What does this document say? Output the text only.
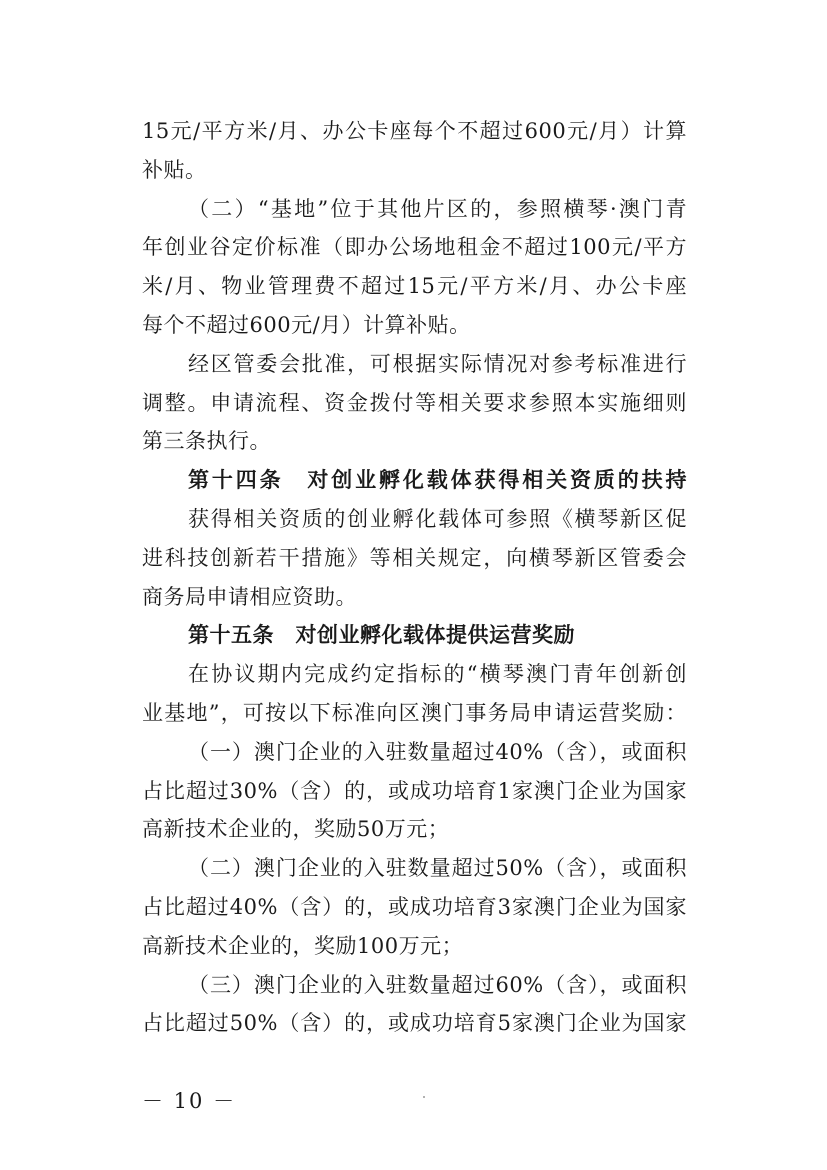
15元/平方米/月、办公卡座每个不超过600元/月）计算
补贴。
（二）“基地”位于其他片区的，参照横琴·澳门青
年创业谷定价标准（即办公场地租金不超过100元/平方
米/月、物业管理费不超过15元/平方米/月、办公卡座
每个不超过600元/月）计算补贴。
经区管委会批准，可根据实际情况对参考标准进行
调整。申请流程、资金拨付等相关要求参照本实施细则
第三条执行。
第十四条　对创业孵化载体获得相关资质的扶持
获得相关资质的创业孵化载体可参照《横琴新区促
进科技创新若干措施》等相关规定，向横琴新区管委会
商务局申请相应资助。
第十五条　对创业孵化载体提供运营奖励
在协议期内完成约定指标的“横琴澳门青年创新创
业基地”，可按以下标准向区澳门事务局申请运营奖励：
（一）澳门企业的入驻数量超过40%（含），或面积
占比超过30%（含）的，或成功培育1家澳门企业为国家
高新技术企业的，奖励50万元；
（二）澳门企业的入驻数量超过50%（含），或面积
占比超过40%（含）的，或成功培育3家澳门企业为国家
高新技术企业的，奖励100万元；
（三）澳门企业的入驻数量超过60%（含），或面积
占比超过50%（含）的，或成功培育5家澳门企业为国家
－ 10 －
